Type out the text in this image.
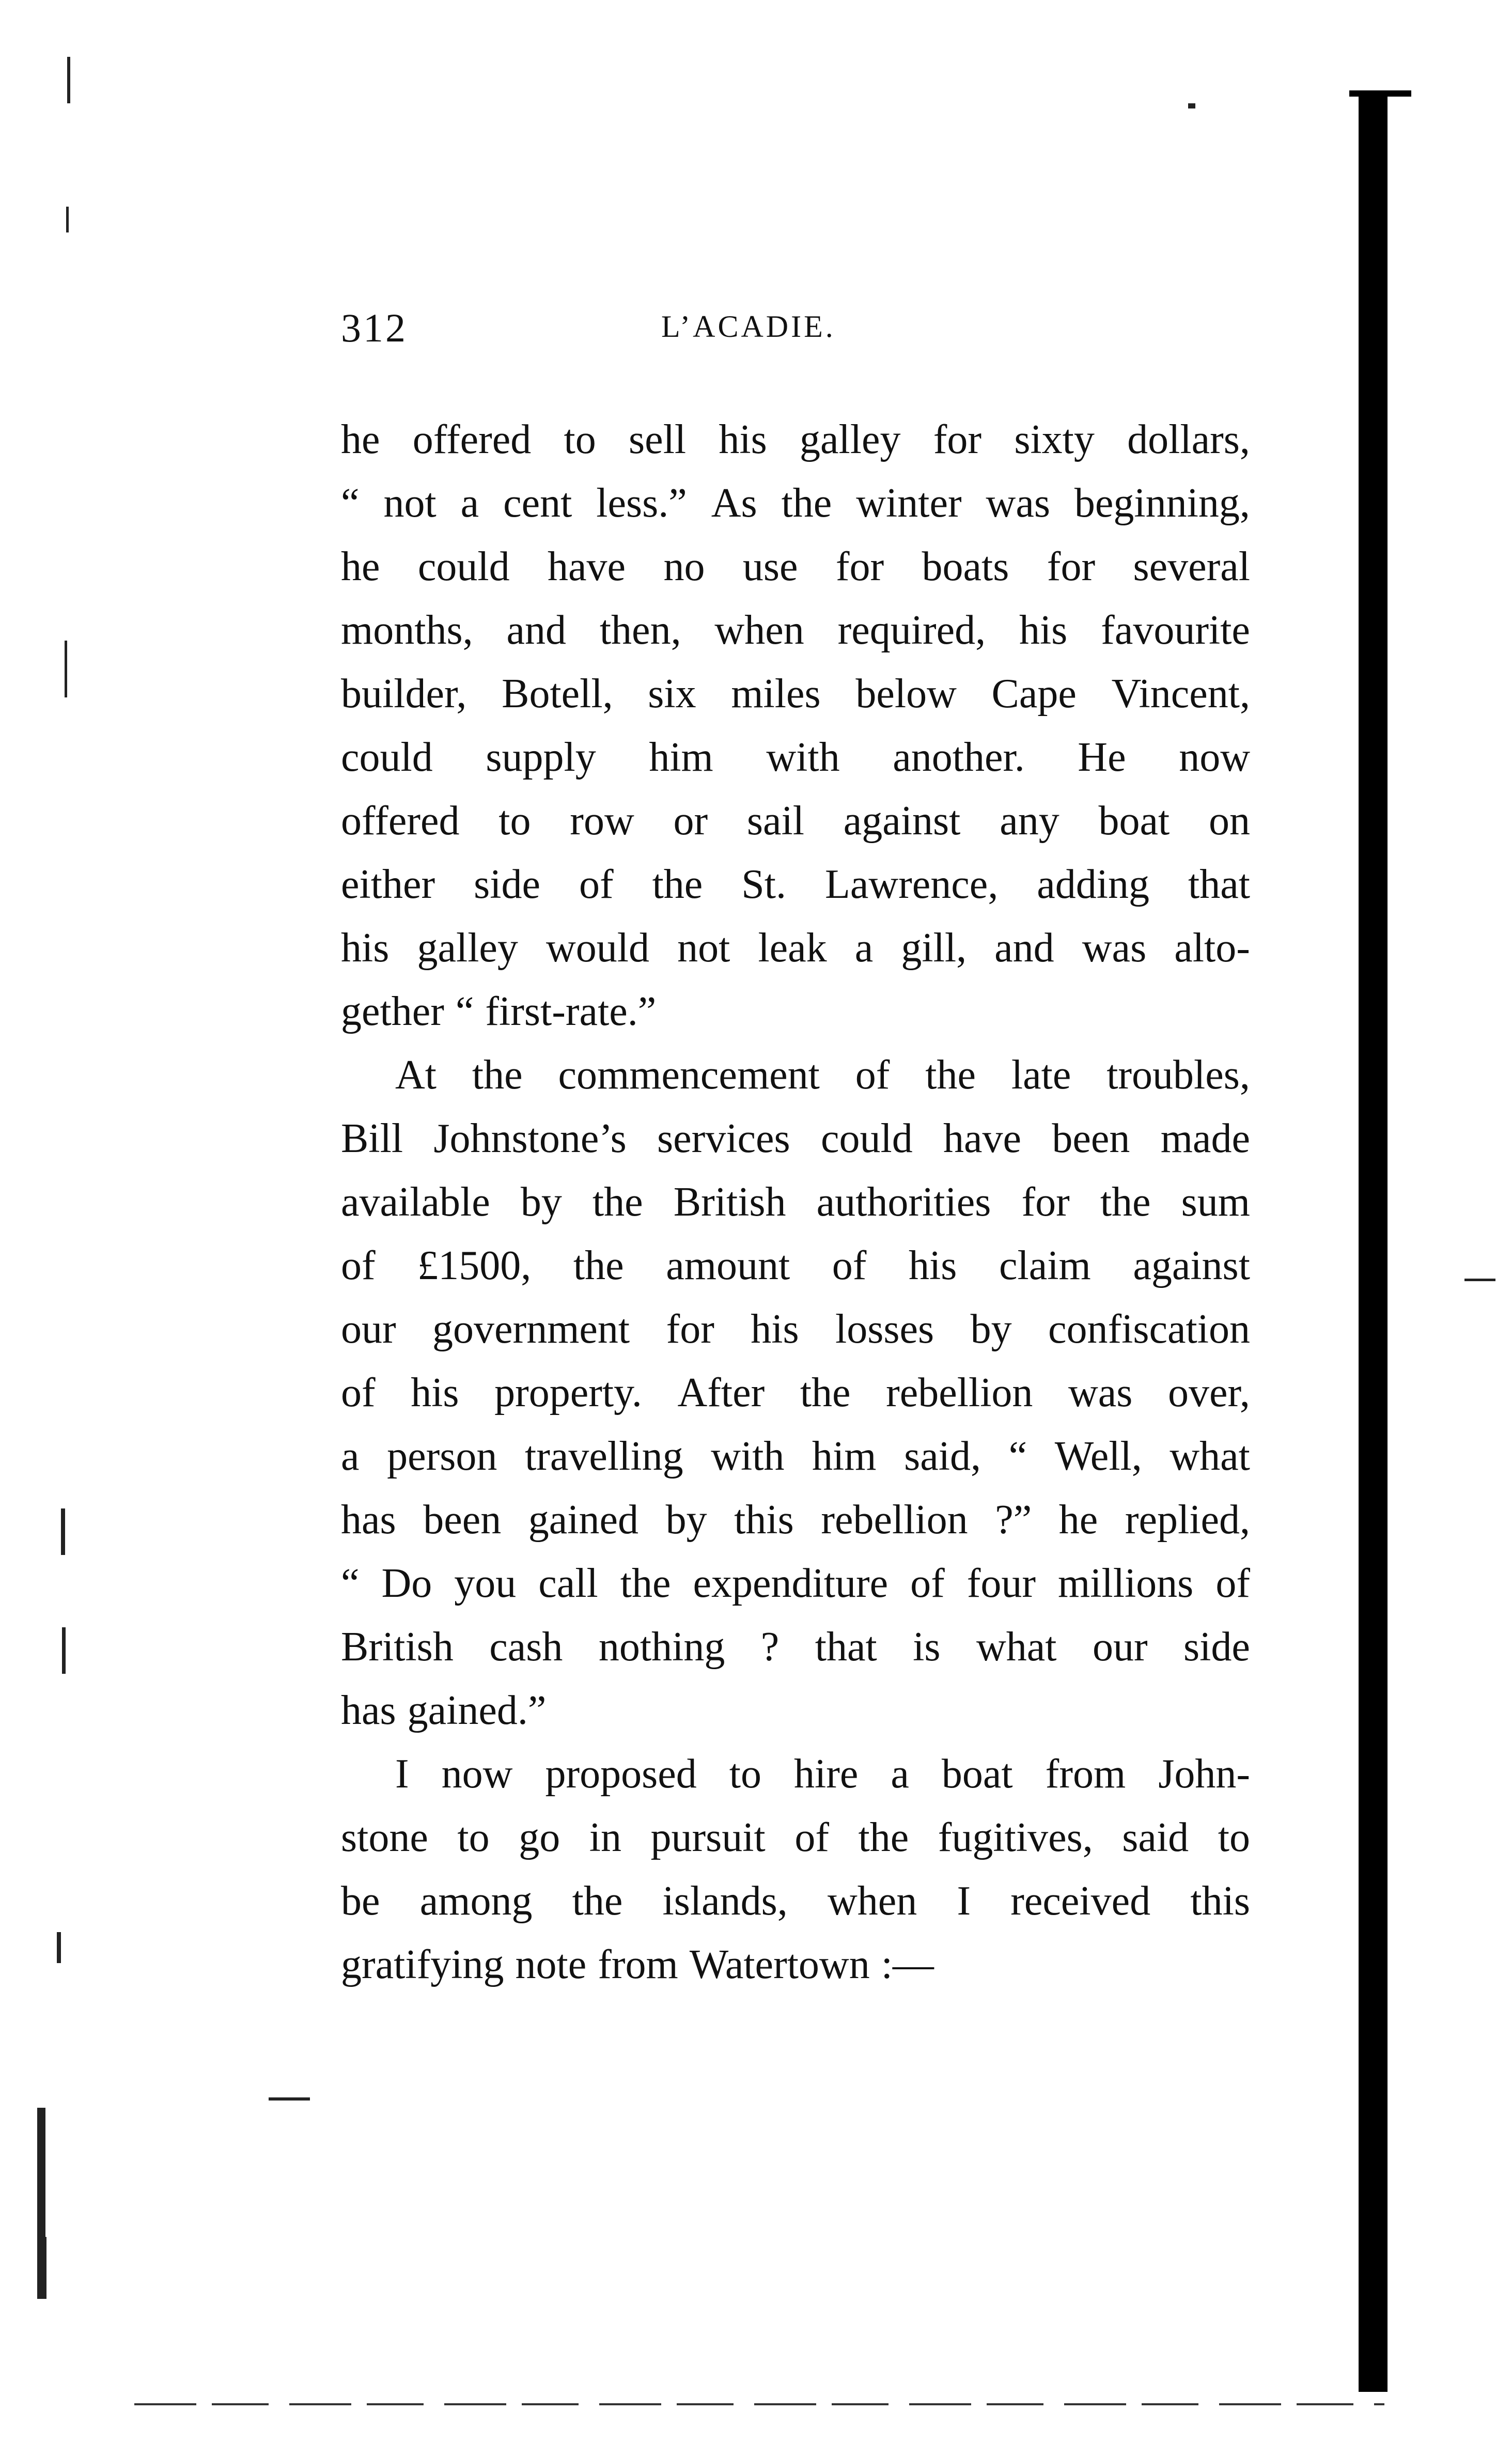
312	L’ACADIE.
he offered to sell his galley for sixty dollars,
“ not a cent less.” As the winter was beginning,
he could have no use for boats for several
months, and then, when required, his favourite
builder, Botell, six miles below Cape Vincent,
could supply him with another. He now
offered to row or sail against any boat on
either side of the St. Lawrence, adding that
his galley would not leak a gill, and was alto-
gether “ first-rate.”
At the commencement of the late troubles,
Bill Johnstone’s services could have been made
available by the British authorities for the sum
of £1500, the amount of his claim against
our government for his losses by confiscation
of his property. After the rebellion was over,
a person travelling with him said, “ Well, what
has been gained by this rebellion ?” he replied,
“ Do you call the expenditure of four millions of
British cash nothing ? that is what our side
has gained.”
I now proposed to hire a boat from John-
stone to go in pursuit of the fugitives, said to
be among the islands, when I received this
gratifying note from Watertown :—
